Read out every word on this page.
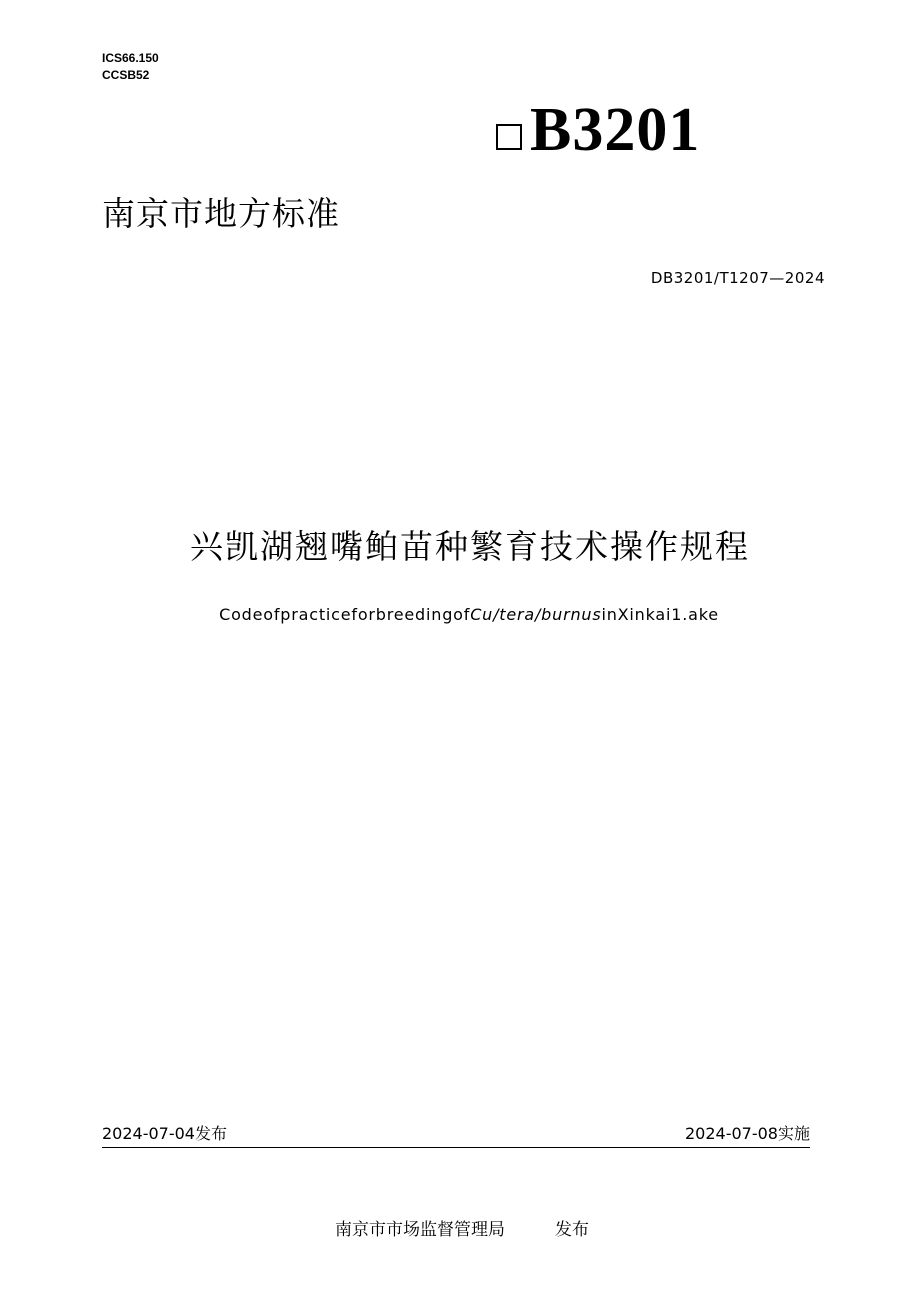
ICS66.150
CCSB52
B3201
南京市地方标准
DB3201/T1207—2024
兴凯湖翘嘴鲌苗种繁育技术操作规程
CodeofpracticeforbreedingofCu/tera/burnusinXinkai1.ake
2024-07-04发布	2024-07-08实施
南京市市场监督管理局	发布
